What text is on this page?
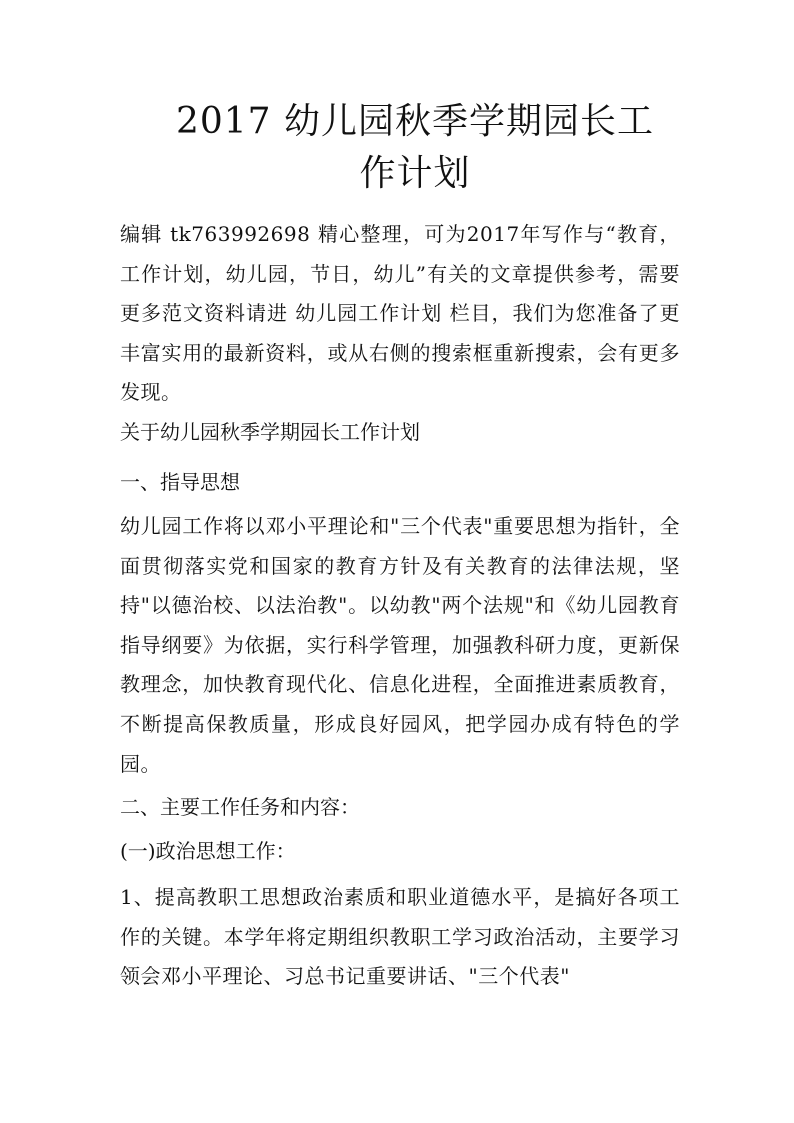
2017 幼儿园秋季学期园长工
作计划

编辑 tk763992698 精心整理，可为2017年写作与“教育，工作计划，幼儿园，节日，幼儿”有关的文章提供参考，需要更多范文资料请进 幼儿园工作计划 栏目，我们为您准备了更丰富实用的最新资料，或从右侧的搜索框重新搜索，会有更多发现。

关于幼儿园秋季学期园长工作计划

一、指导思想

幼儿园工作将以邓小平理论和"三个代表"重要思想为指针，全面贯彻落实党和国家的教育方针及有关教育的法律法规，坚持"以德治校、以法治教"。以幼教"两个法规"和《幼儿园教育指导纲要》为依据，实行科学管理，加强教科研力度，更新保教理念，加快教育现代化、信息化进程，全面推进素质教育，不断提高保教质量，形成良好园风，把学园办成有特色的学园。

二、主要工作任务和内容：

(一)政治思想工作：

1、提高教职工思想政治素质和职业道德水平，是搞好各项工作的关键。本学年将定期组织教职工学习政治活动，主要学习领会邓小平理论、习总书记重要讲话、"三个代表"
